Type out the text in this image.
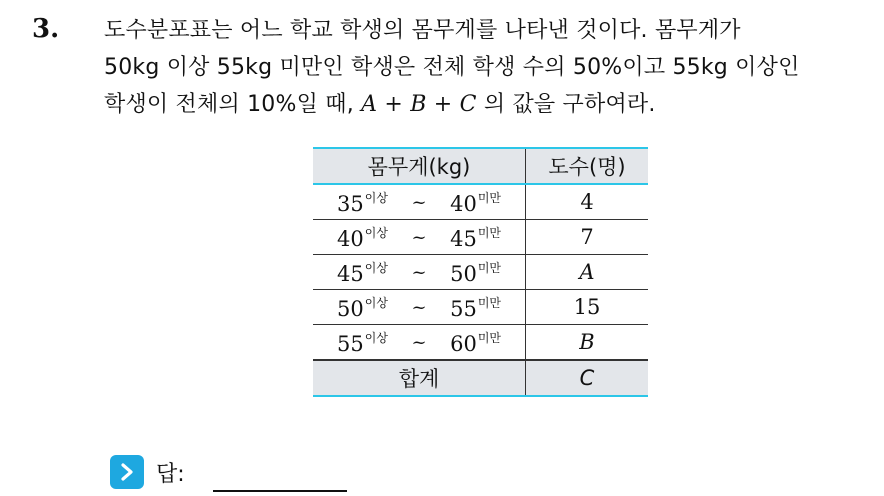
3. 도수분포표는 어느 학교 학생의 몸무게를 나타낸 것이다. 몸무게가
50kg 이상 55kg 미만인 학생은 전체 학생 수의 50%이고 55kg 이상인
학생이 전체의 10%일 때, A + B + C 의 값을 구하여라.
몸무게(kg)	도수(명)

$35^{이상}$ ~ $40^{미만}$	4

$40^{이상}$ ~ $45^{미만}$	7

$45^{이상}$ ~ $50^{미만}$	A

$50^{이상}$ ~ $55^{미만}$	15

$55^{이상}$ ~ $60^{미만}$	B
합계	C
답:
